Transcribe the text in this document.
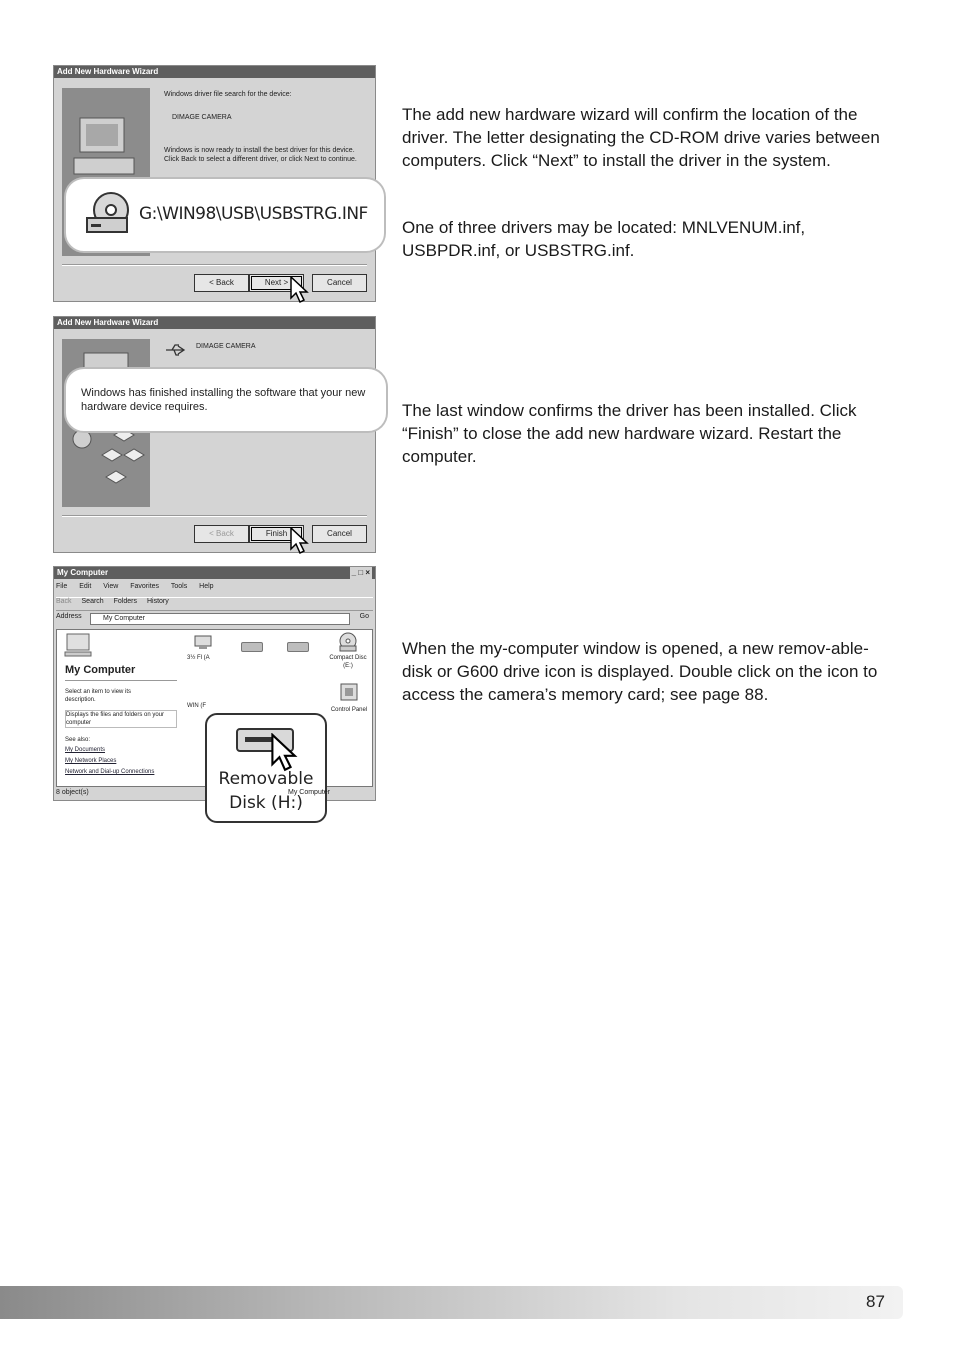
Add New Hardware Wizard
Windows driver file search for the device:
DIMAGE CAMERA
Windows is now ready to install the best driver for this device. Click Back to select a different driver, or click Next to continue.
G:\WIN98\USB\USBSTRG.INF
< Back	Next >	Cancel
Add New Hardware Wizard
DIMAGE CAMERA
Windows has finished installing the software that your new hardware device requires.
< Back	Finish	Cancel
My Computer	_ □ ×
File Edit View Favorites Tools Help
Back Search Folders History
Address	My Computer	Go
My Computer
Select an item to view its description.
Displays the files and folders on your computer
See also:
My Documents
My Network Places
Network and Dial-up Connections
3½ Fl (A	Compact Disc (E:)
Control Panel
WIN (F
Removable
Disk (H:)
8 object(s)	My Computer

The add new hardware wizard will confirm the location of the driver. The letter designating the CD-ROM drive varies between computers. Click “Next” to install the driver in the system.

One of three drivers may be located: MNLVENUM.inf, USBPDR.inf, or USBSTRG.inf.

The last window confirms the driver has been installed. Click “Finish” to close the add new hardware wizard. Restart the computer.

When the my-computer window is opened, a new remov-able-disk or G600 drive icon is displayed. Double click on the icon to access the camera’s memory card; see page 88.

87
